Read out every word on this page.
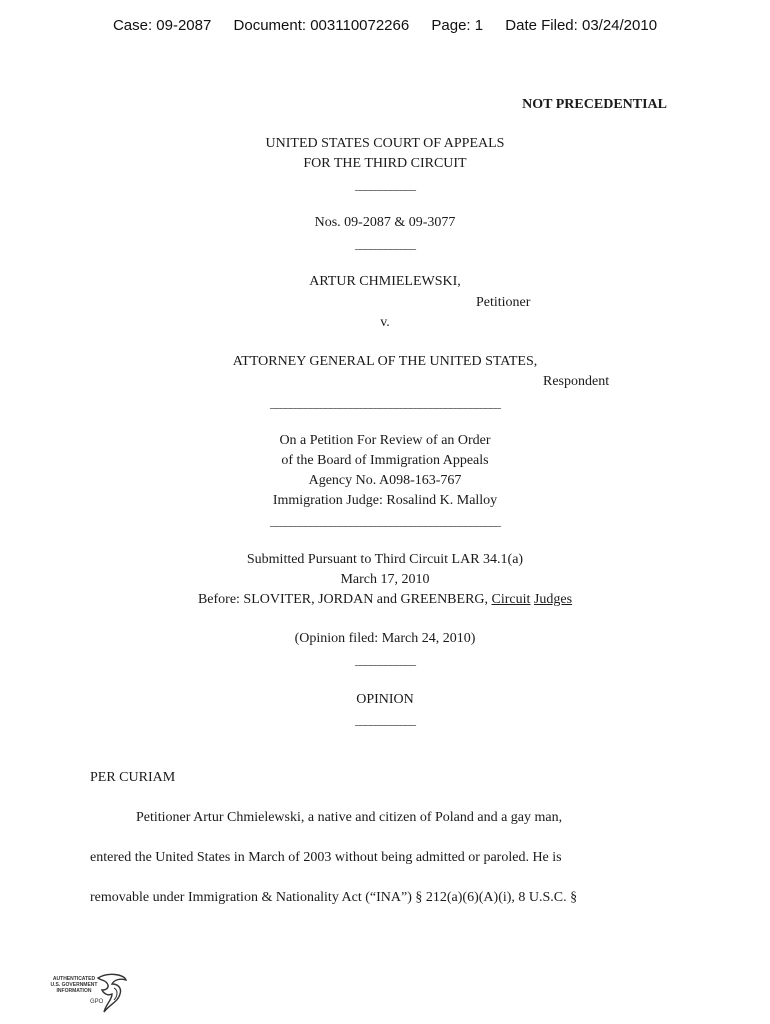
Case: 09-2087 Document: 003110072266 Page: 1 Date Filed: 03/24/2010
NOT PRECEDENTIAL
UNITED STATES COURT OF APPEALS
FOR THE THIRD CIRCUIT
____________
Nos. 09-2087 & 09-3077
____________
ARTUR CHMIELEWSKI,
Petitioner
v.
ATTORNEY GENERAL OF THE UNITED STATES,
Respondent
______________________________________________
On a Petition For Review of an Order
of the Board of Immigration Appeals
Agency No. A098-163-767
Immigration Judge: Rosalind K. Malloy
______________________________________________
Submitted Pursuant to Third Circuit LAR 34.1(a)
March 17, 2010
Before: SLOVITER, JORDAN and GREENBERG, Circuit Judges
(Opinion filed: March 24, 2010)
____________
OPINION
____________
PER CURIAM
Petitioner Artur Chmielewski, a native and citizen of Poland and a gay man,
entered the United States in March of 2003 without being admitted or paroled. He is
removable under Immigration & Nationality Act (“INA”) § 212(a)(6)(A)(i), 8 U.S.C. §
AUTHENTICATED
U.S. GOVERNMENT
INFORMATION
GPO
